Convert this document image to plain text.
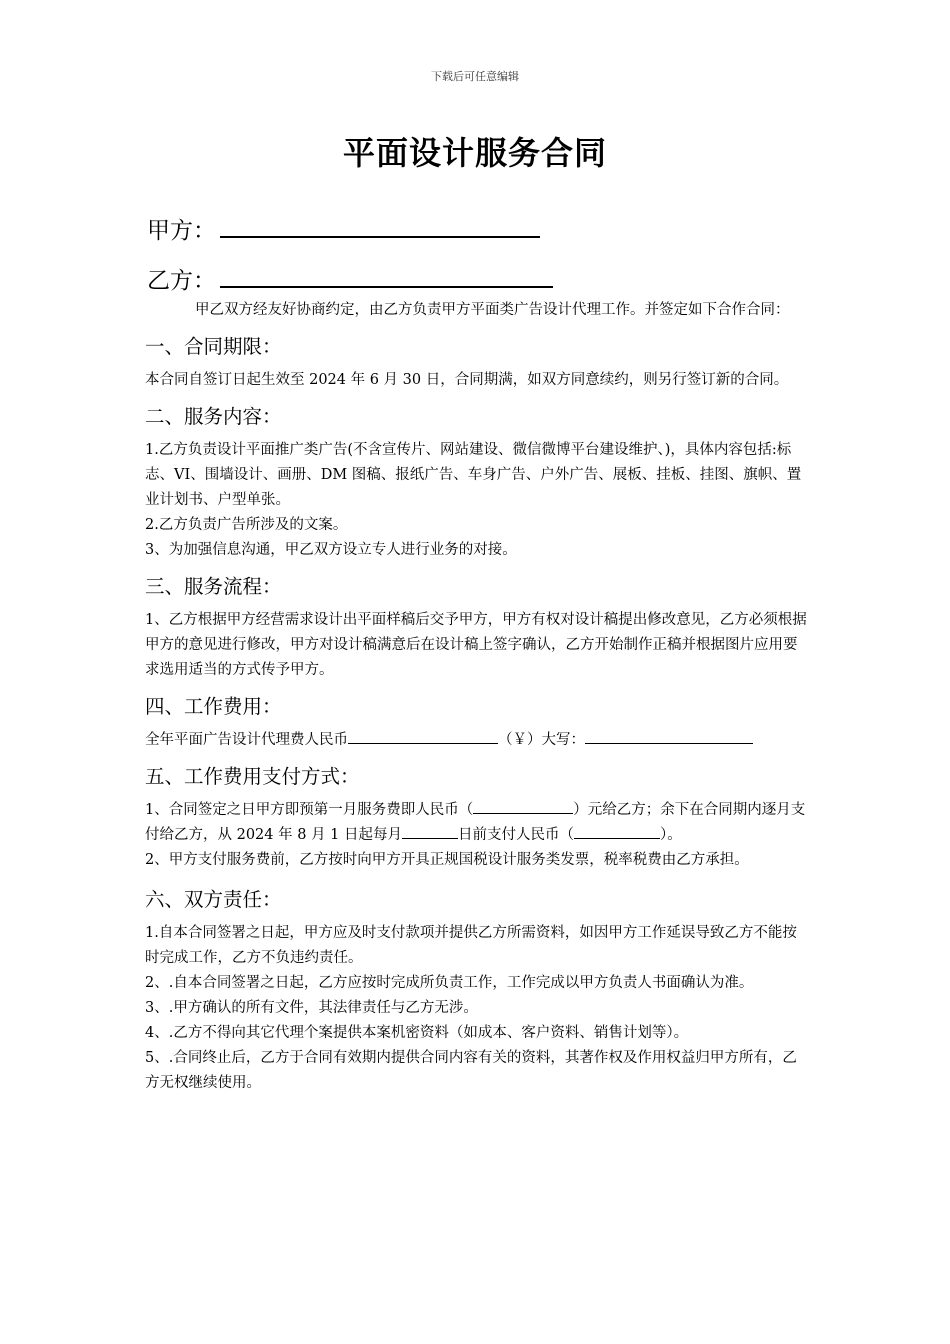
下载后可任意编辑
平面设计服务合同
甲方：
乙方：

甲乙双方经友好协商约定，由乙方负责甲方平面类广告设计代理工作。并签定如下合作合同：

一、合同期限：

本合同自签订日起生效至 2024 年 6 月 30 日，合同期满，如双方同意续约，则另行签订新的合同。

二、服务内容：

1.乙方负责设计平面推广类广告(不含宣传片、网站建设、微信微博平台建设维护、)，具体内容包括:标志、VI、围墙设计、画册、DM 图稿、报纸广告、车身广告、户外广告、展板、挂板、挂图、旗帜、置业计划书、户型单张。

2.乙方负责广告所涉及的文案。

3、为加强信息沟通，甲乙双方设立专人进行业务的对接。

三、服务流程：

1、乙方根据甲方经营需求设计出平面样稿后交予甲方，甲方有权对设计稿提出修改意见，乙方必须根据甲方的意见进行修改，甲方对设计稿满意后在设计稿上签字确认，乙方开始制作正稿并根据图片应用要求选用适当的方式传予甲方。

四、工作费用：

全年平面广告设计代理费人民币	（￥）大写：

五、工作费用支付方式：

1、合同签定之日甲方即预第一月服务费即人民币（	）元给乙方；余下在合同期内逐月支付给乙方，从 2024 年 8 月 1 日起每月	日前支付人民币（	）。

2、甲方支付服务费前，乙方按时向甲方开具正规国税设计服务类发票，税率税费由乙方承担。

六、双方责任：

1.自本合同签署之日起，甲方应及时支付款项并提供乙方所需资料，如因甲方工作延误导致乙方不能按时完成工作，乙方不负违约责任。

2、.自本合同签署之日起，乙方应按时完成所负责工作，工作完成以甲方负责人书面确认为准。

3、.甲方确认的所有文件，其法律责任与乙方无涉。

4、.乙方不得向其它代理个案提供本案机密资料（如成本、客户资料、销售计划等）。

5、.合同终止后，乙方于合同有效期内提供合同内容有关的资料，其著作权及作用权益归甲方所有，乙方无权继续使用。
